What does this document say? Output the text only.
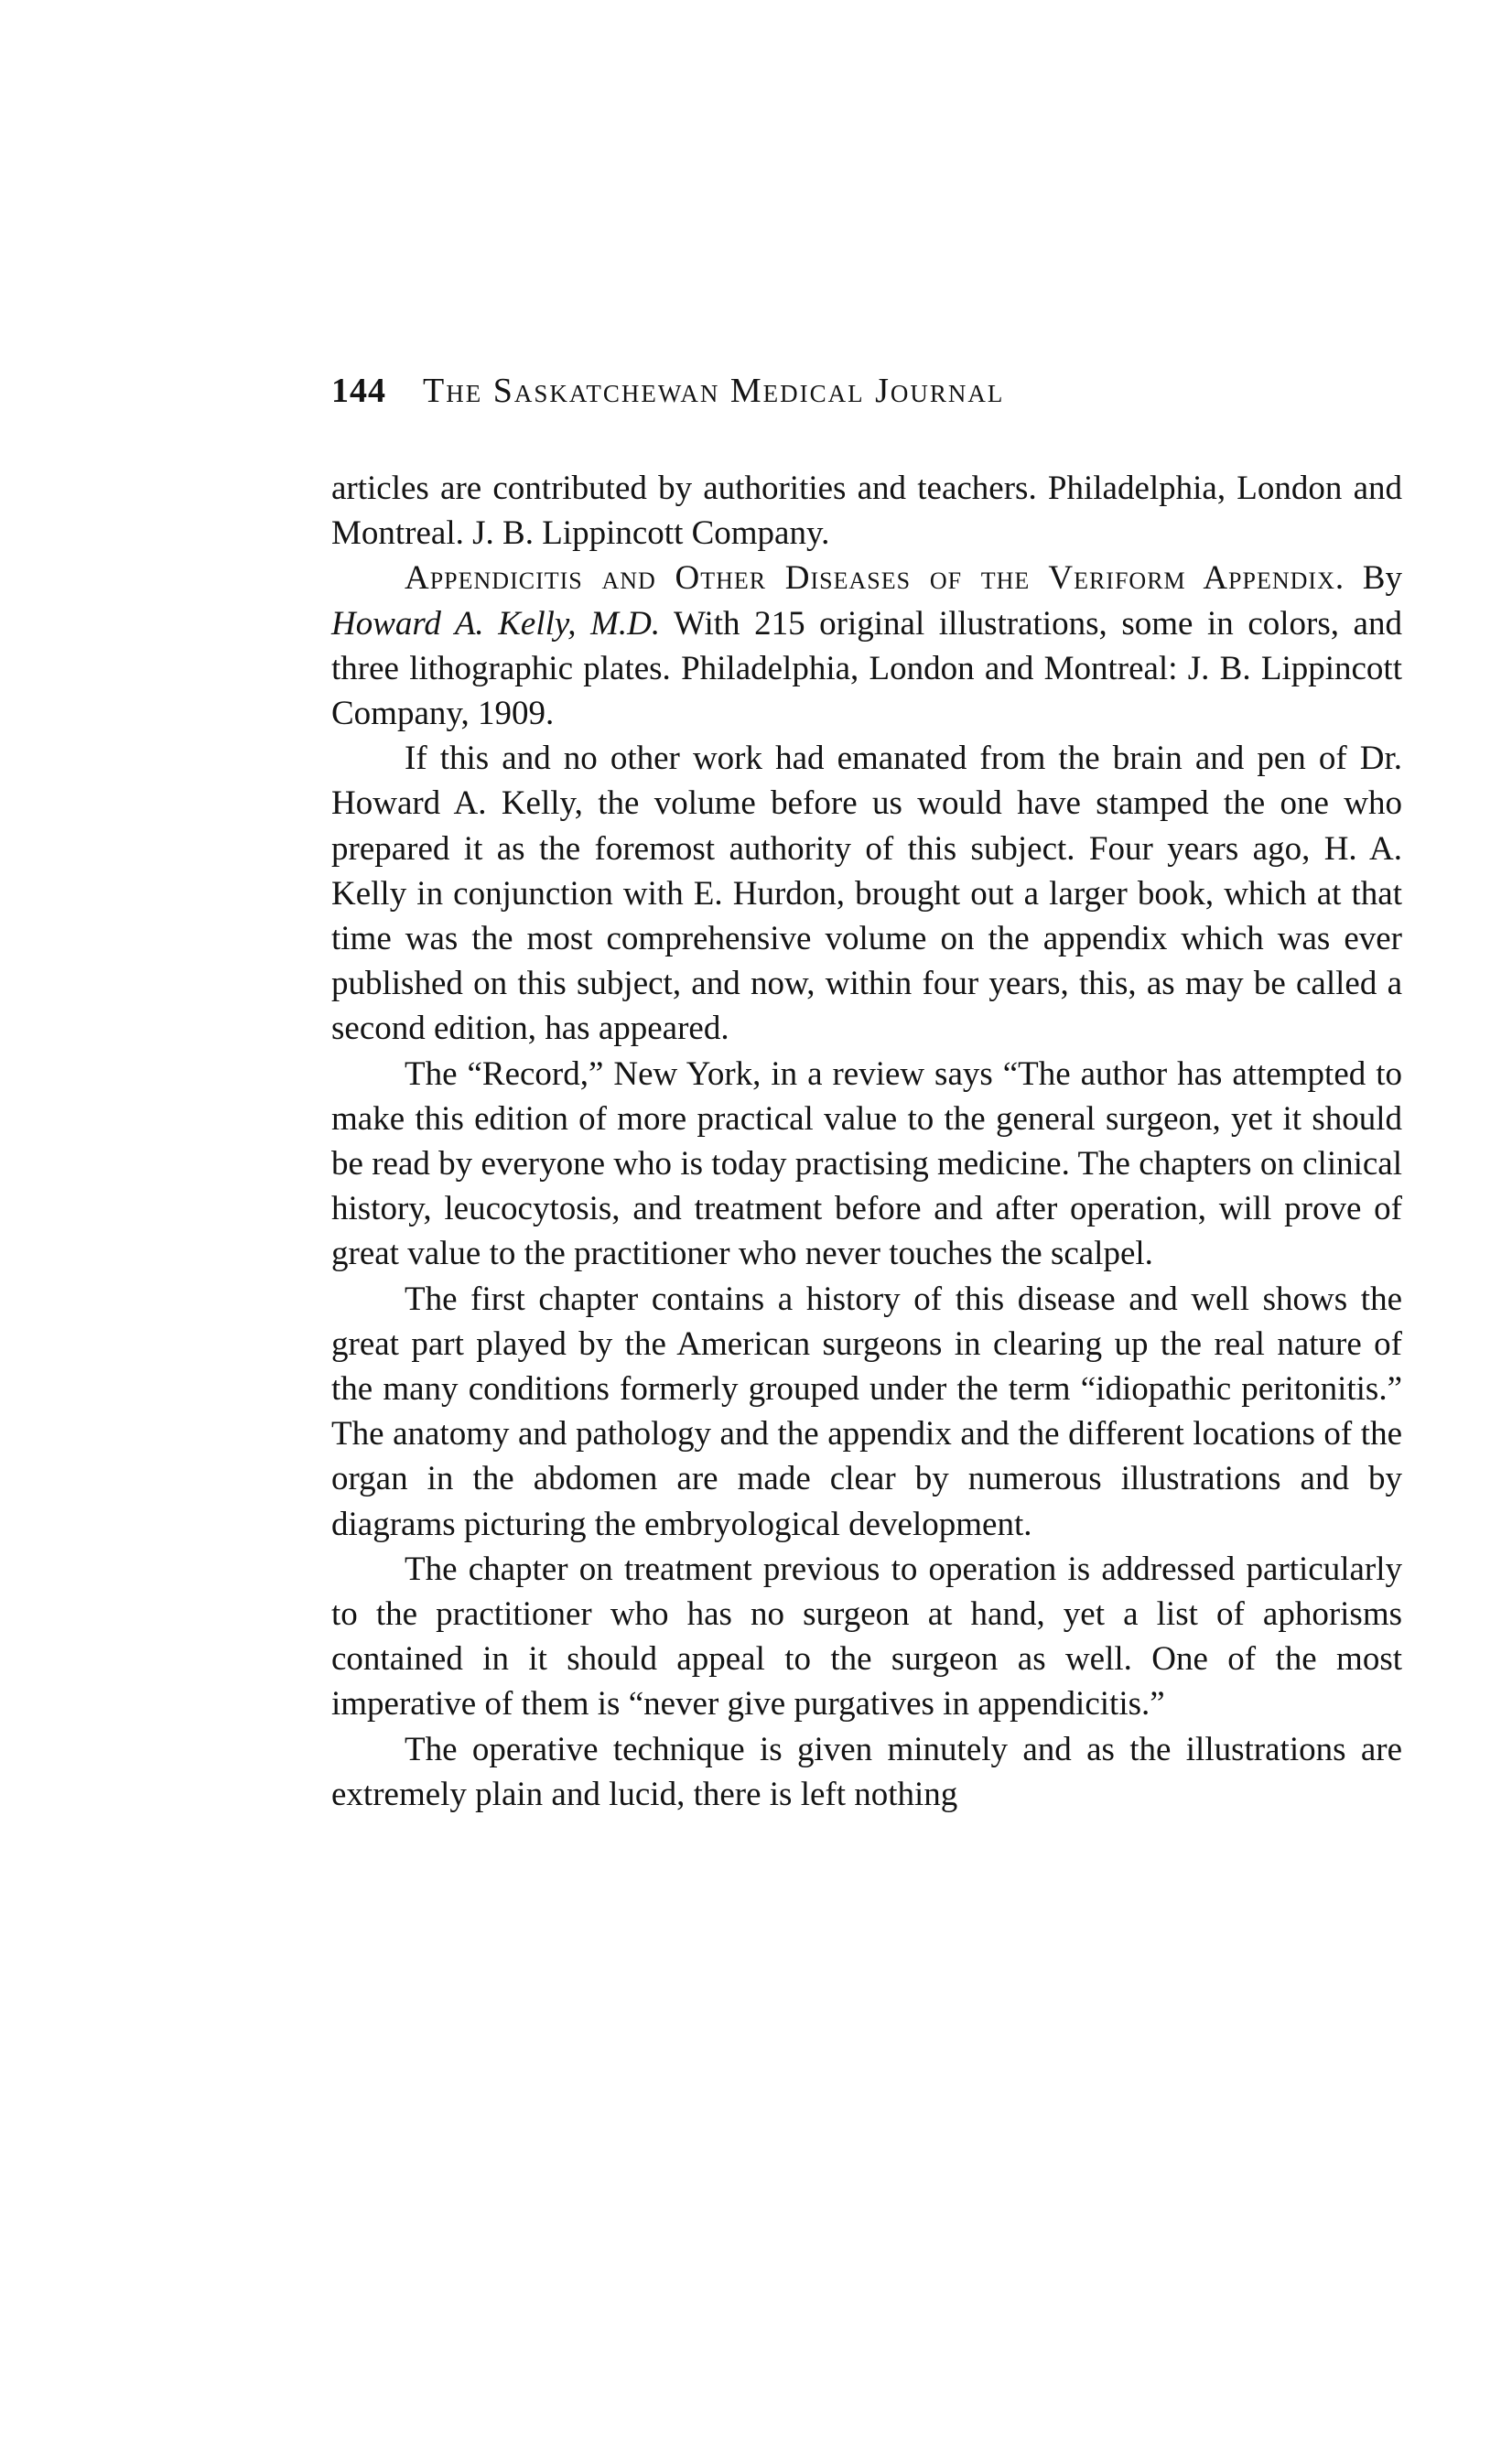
144 The Saskatchewan Medical Journal

articles are contributed by authorities and teachers. Philadelphia, London and Montreal. J. B. Lippincott Company.

Appendicitis and Other Diseases of the Veriform Appendix. By Howard A. Kelly, M.D. With 215 original illustrations, some in colors, and three lithographic plates. Philadelphia, London and Montreal: J. B. Lippincott Company, 1909.

If this and no other work had emanated from the brain and pen of Dr. Howard A. Kelly, the volume before us would have stamped the one who prepared it as the foremost authority of this subject. Four years ago, H. A. Kelly in conjunction with E. Hurdon, brought out a larger book, which at that time was the most comprehensive volume on the appendix which was ever published on this subject, and now, within four years, this, as may be called a second edition, has appeared.

The “Record,” New York, in a review says “The author has attempted to make this edition of more practical value to the general surgeon, yet it should be read by everyone who is today practising medicine. The chapters on clinical history, leucocytosis, and treatment before and after operation, will prove of great value to the practitioner who never touches the scalpel.

The first chapter contains a history of this disease and well shows the great part played by the American surgeons in clearing up the real nature of the many conditions formerly grouped under the term “idiopathic peritonitis.” The anatomy and pathology and the appendix and the different locations of the organ in the abdomen are made clear by numerous illustrations and by diagrams picturing the embryological development.

The chapter on treatment previous to operation is addressed particularly to the practitioner who has no surgeon at hand, yet a list of aphorisms contained in it should appeal to the surgeon as well. One of the most imperative of them is “never give purgatives in appendicitis.”

The operative technique is given minutely and as the illustrations are extremely plain and lucid, there is left nothing
